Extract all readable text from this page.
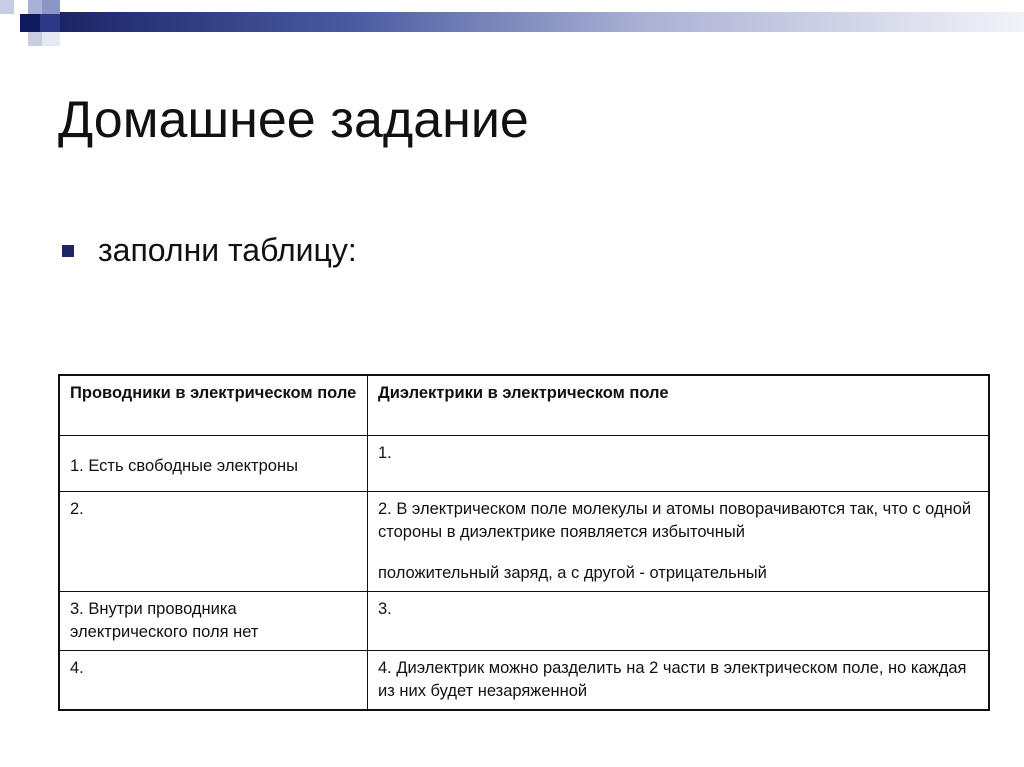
Домашнее задание
заполни таблицу:
Проводники в электрическом поле	Диэлектрики в электрическом поле
1. Есть свободные электроны	1.
2.	2. В электрическом поле молекулы и атомы поворачиваются так, что с одной стороны в диэлектрике появляется избыточный
положительный заряд, а с другой - отрицательный

3. Внутри проводника электрического поля нет	3.
4.	4. Диэлектрик можно разделить на 2 части в электрическом поле, но каждая из них будет незаряженной
